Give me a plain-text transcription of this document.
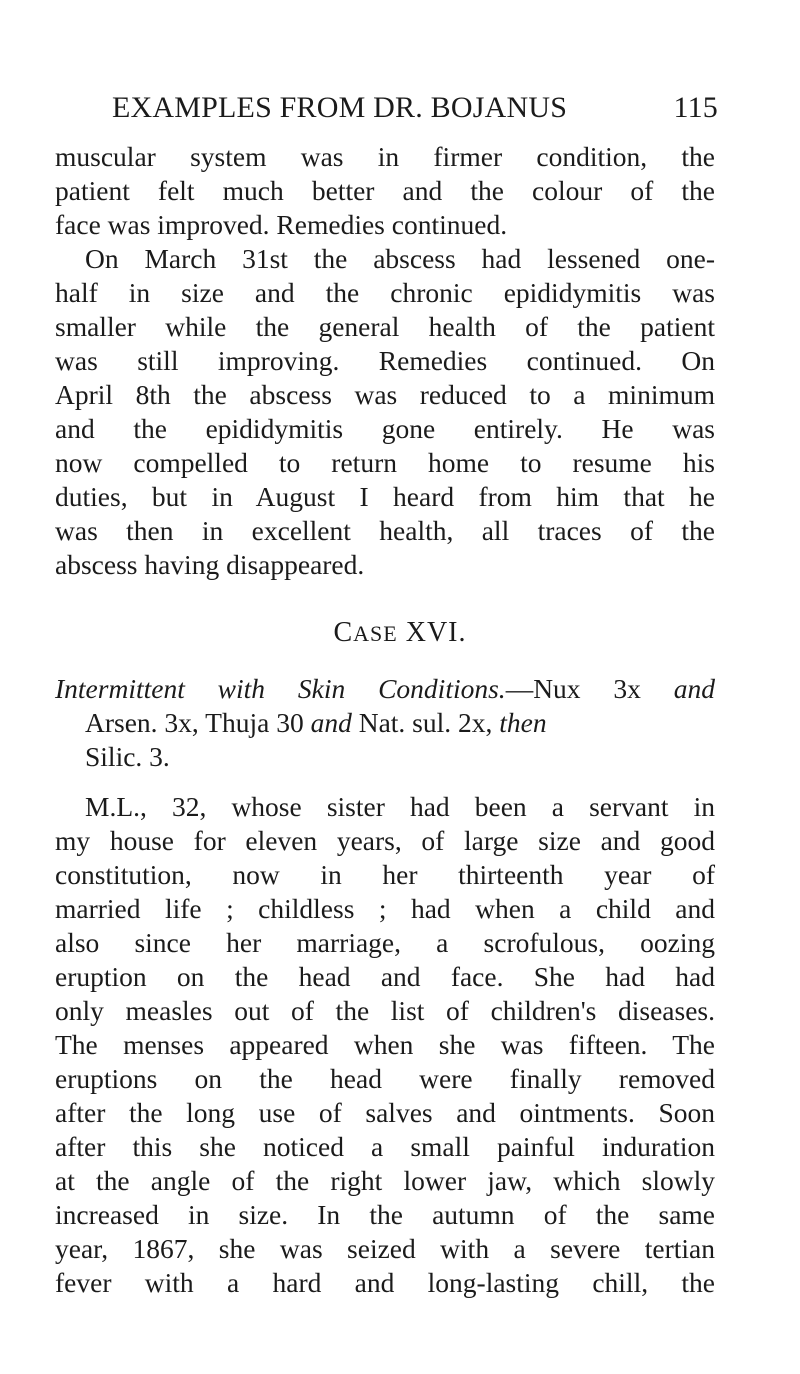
EXAMPLES FROM DR. BOJANUS	115
muscular system was in firmer condition, the
patient felt much better and the colour of the
face was improved. Remedies continued.
On March 31st the abscess had lessened one-
half in size and the chronic epididymitis was
smaller while the general health of the patient
was still improving. Remedies continued. On
April 8th the abscess was reduced to a minimum
and the epididymitis gone entirely. He was
now compelled to return home to resume his
duties, but in August I heard from him that he
was then in excellent health, all traces of the
abscess having disappeared.
CASE XVI.
Intermittent with Skin Conditions.—Nux 3x and
Arsen. 3x, Thuja 30 and Nat. sul. 2x, then
Silic. 3.
M.L., 32, whose sister had been a servant in
my house for eleven years, of large size and good
constitution, now in her thirteenth year of
married life ; childless ; had when a child and
also since her marriage, a scrofulous, oozing
eruption on the head and face. She had had
only measles out of the list of children's diseases.
The menses appeared when she was fifteen. The
eruptions on the head were finally removed
after the long use of salves and ointments. Soon
after this she noticed a small painful induration
at the angle of the right lower jaw, which slowly
increased in size. In the autumn of the same
year, 1867, she was seized with a severe tertian
fever with a hard and long-lasting chill, the
